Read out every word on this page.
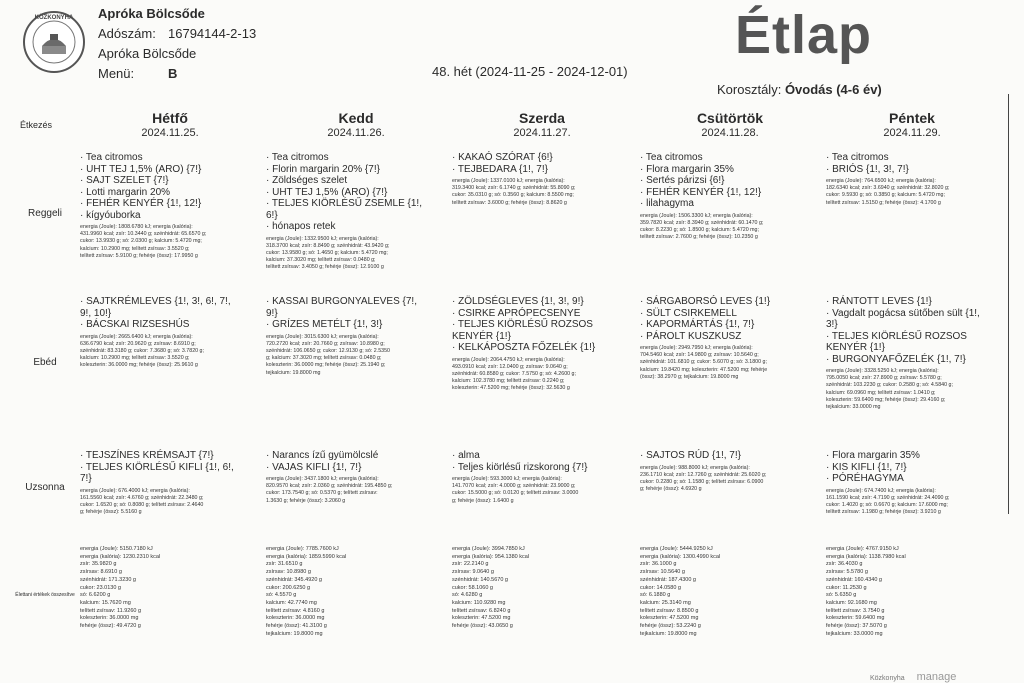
KÖZKONYHA Apróka Bölcsőde
Adószám: 16794144-2-13
Apróka Bölcsőde
Menü:	B
Étlap
48. hét (2024-11-25 - 2024-12-01)
Korosztály: Óvodás (4-6 év)
Étkezés
Reggeli
Ebéd
Uzsonna
Élettani értékek összesítve
Hétfő
2024.11.25.
Kedd
2024.11.26.
Szerda
2024.11.27.
Csütörtök
2024.11.28.
Péntek
2024.11.29.
· Tea citromos
· UHT TEJ 1,5% (ARO) {7!}
· SAJT SZELET {7!}
· Lotti margarin 20%
· FEHÉR KENYÉR {1!, 12!}
· kígyóuborka
energia (Joule): 1808.6780 kJ; energia (kalória):
431.9960 kcal; zsír: 10.3440 g; szénhidrát: 65.6570 g;
cukor: 13.9930 g; só: 2.0300 g; kalcium: 5.4720 mg;
kalcium: 10.2900 mg; telített zsírsav: 3.5520 g;
telített zsírsav: 5.9100 g; fehérje (össz): 17.9950 g
· SAJTKRÉMLEVES {1!, 3!, 6!, 7!,
9!, 10!}
· BÁCSKAI RIZSESHÚS
energia (Joule): 2665.6400 kJ; energia (kalória):
636.6790 kcal; zsír: 20.9620 g; zsírsav: 8.6910 g;
szénhidrát: 83.3180 g; cukor: 7.3680 g; só: 3.7820 g;
kalcium: 10.2900 mg; telített zsírsav: 3.5520 g;
koleszterin: 36.0000 mg; fehérje (össz): 25.9610 g
· TEJSZÍNES KRÉMSAJT {7!}
· TELJES KIÖRLÉSŰ KIFLI {1!, 6!,
7!}
energia (Joule): 676.4000 kJ; energia (kalória):
161.5560 kcal; zsír: 4.6760 g; szénhidrát: 22.3480 g;
cukor: 1.6520 g; só: 0.8080 g; telített zsírsav: 2.4640
g; fehérje (össz): 5.5160 g
energia (Joule): 5150.7180 kJ
energia (kalória): 1230.2310 kcal
zsír: 35.9820 g
zsírsav: 8.6910 g
szénhidrát: 171.3230 g
cukor: 23.0130 g
só: 6.6200 g
kalcium: 15.7620 mg
telített zsírsav: 11.9260 g
koleszterin: 36.0000 mg
fehérje (össz): 49.4720 g
· Tea citromos
· Florin margarin 20% {7!}
· Zöldséges szelet
· UHT TEJ 1,5% (ARO) {7!}
· TELJES KIÖRLÉSŰ ZSEMLE {1!,
6!}
· hónapos retek
energia (Joule): 1332.9500 kJ; energia (kalória):
318.3700 kcal; zsír: 8.8490 g; szénhidrát: 43.9420 g;
cukor: 13.9580 g; só: 1.4650 g; kalcium: 5.4720 mg;
kalcium: 37.3020 mg; telített zsírsav: 0.0480 g;
telített zsírsav: 3.4050 g; fehérje (össz): 12.9100 g
· KASSAI BURGONYALEVES {7!,
9!}
· GRÍZES METÉLT {1!, 3!}
energia (Joule): 3015.6300 kJ; energia (kalória):
720.2720 kcal; zsír: 20.7660 g; zsírsav: 10.8980 g;
szénhidrát: 106.0650 g; cukor: 12.9130 g; só: 2.5350
g; kalcium: 37.3020 mg; telített zsírsav: 0.0480 g;
koleszterin: 36.0000 mg; fehérje (össz): 25.1940 g;
tejkalcium: 19.8000 mg
· Narancs ízű gyümölcslé
· VAJAS KIFLI {1!, 7!}
energia (Joule): 3437.1800 kJ; energia (kalória):
820.9570 kcal; zsír: 2.0360 g; szénhidrát: 195.4850 g;
cukor: 173.7540 g; só: 0.5370 g; telített zsírsav:
1.3630 g; fehérje (össz): 3.2060 g
energia (Joule): 7785.7600 kJ
energia (kalória): 1859.5990 kcal
zsír: 31.6510 g
zsírsav: 10.8980 g
szénhidrát: 345.4920 g
cukor: 200.6250 g
só: 4.5570 g
kalcium: 42.7740 mg
telített zsírsav: 4.8160 g
koleszterin: 36.0000 mg
fehérje (össz): 41.3100 g
tejkalcium: 19.8000 mg
· KAKAÓ SZÓRAT {6!}
· TEJBEDARA {1!, 7!}
energia (Joule): 1337.0100 kJ; energia (kalória):
319.3400 kcal; zsír: 6.1740 g; szénhidrát: 55.8090 g;
cukor: 35.0310 g; só: 0.3560 g; kalcium: 8.5500 mg;
telített zsírsav: 3.6000 g; fehérje (össz): 8.8620 g
· ZÖLDSÉGLEVES {1!, 3!, 9!}
· CSIRKE APRÓPECSENYE
· TELJES KIÖRLÉSŰ ROZSOS
KENYÉR {1!}
· KELKÁPOSZTA FŐZELÉK {1!}
energia (Joule): 2064.4750 kJ; energia (kalória):
493.0910 kcal; zsír: 12.0400 g; zsírsav: 9.0640 g;
szénhidrát: 60.8580 g; cukor: 7.5750 g; só: 4.2600 g;
kalcium: 102.3780 mg; telített zsírsav: 0.2240 g;
koleszterin: 47.5200 mg; fehérje (össz): 32.5630 g
· alma
· Teljes kiörlésű rizskorong {7!}
energia (Joule): 593.3000 kJ; energia (kalória):
141.7070 kcal; zsír: 4.0000 g; szénhidrát: 23.9000 g;
cukor: 15.5000 g; só: 0.0120 g; telített zsírsav: 3.0000
g; fehérje (össz): 1.6400 g
energia (Joule): 3994.7850 kJ
energia (kalória): 954.1380 kcal
zsír: 22.2140 g
zsírsav: 9.0640 g
szénhidrát: 140.5670 g
cukor: 58.1060 g
só: 4.6280 g
kalcium: 110.9280 mg
telített zsírsav: 6.8240 g
koleszterin: 47.5200 mg
fehérje (össz): 43.0650 g
· Tea citromos
· Flora margarin 35%
· Sertés párizsi {6!}
· FEHÉR KENYÉR {1!, 12!}
· lilahagyma
energia (Joule): 1506.3300 kJ; energia (kalória):
359.7820 kcal; zsír: 8.3940 g; szénhidrát: 60.1470 g;
cukor: 8.2230 g; só: 1.8500 g; kalcium: 5.4720 mg;
telített zsírsav: 2.7600 g; fehérje (össz): 10.2350 g
· SÁRGABORSÓ LEVES {1!}
· SÜLT CSIRKEMELL
· KAPORMÁRTÁS {1!, 7!}
· PÁROLT KUSZKUSZ
energia (Joule): 2949.7950 kJ; energia (kalória):
704.5460 kcal; zsír: 14.9800 g; zsírsav: 10.5640 g;
szénhidrát: 101.6810 g; cukor: 5.6070 g; só: 3.1800 g;
kalcium: 19.8420 mg; koleszterin: 47.5200 mg; fehérje
(össz): 38.2970 g; tejkalcium: 19.8000 mg
· SAJTOS RÚD {1!, 7!}
energia (Joule): 988.8000 kJ; energia (kalória):
236.1710 kcal; zsír: 12.7260 g; szénhidrát: 25.6020 g;
cukor: 0.2280 g; só: 1.1580 g; telített zsírsav: 6.0900
g; fehérje (össz): 4.6920 g
energia (Joule): 5444.9250 kJ
energia (kalória): 1300.4990 kcal
zsír: 36.1000 g
zsírsav: 10.5640 g
szénhidrát: 187.4300 g
cukor: 14.0580 g
só: 6.1880 g
kalcium: 25.3140 mg
telített zsírsav: 8.8500 g
koleszterin: 47.5200 mg
fehérje (össz): 53.2240 g
tejkalcium: 19.8000 mg
· Tea citromos
· BRIÓS {1!, 3!, 7!}
energia (Joule): 764.6500 kJ; energia (kalória):
182.6340 kcal; zsír: 3.6940 g; szénhidrát: 32.8020 g;
cukor: 9.5930 g; só: 0.3850 g; kalcium: 5.4720 mg;
telített zsírsav: 1.5150 g; fehérje (össz): 4.1700 g
· RÁNTOTT LEVES {1!}
· Vagdalt pogácsa sütőben sült {1!,
3!}
· TELJES KIÖRLÉSŰ ROZSOS
KENYÉR {1!}
· BURGONYAFŐZELÉK {1!, 7!}
energia (Joule): 3328.5250 kJ; energia (kalória):
795.0050 kcal; zsír: 27.8900 g; zsírsav: 5.5780 g;
szénhidrát: 103.2230 g; cukor: 0.2580 g; só: 4.5840 g;
kalcium: 69.0960 mg; telített zsírsav: 1.0410 g;
koleszterin: 59.6400 mg; fehérje (össz): 29.4160 g;
tejkalcium: 33.0000 mg
· Flora margarin 35%
· KIS KIFLI {1!, 7!}
· PÓRÉHAGYMA
energia (Joule): 674.7400 kJ; energia (kalória):
161.1590 kcal; zsír: 4.7190 g; szénhidrát: 24.4090 g;
cukor: 1.4020 g; só: 0.6670 g; kalcium: 17.6000 mg;
telített zsírsav: 1.1980 g; fehérje (össz): 3.9210 g
energia (Joule): 4767.9150 kJ
energia (kalória): 1138.7980 kcal
zsír: 36.4030 g
zsírsav: 5.5780 g
szénhidrát: 160.4340 g
cukor: 11.2530 g
só: 5.6350 g
kalcium: 92.1680 mg
telített zsírsav: 3.7540 g
koleszterin: 59.6400 mg
fehérje (össz): 37.5070 g
tejkalcium: 33.0000 mg
Közkonyha manage
